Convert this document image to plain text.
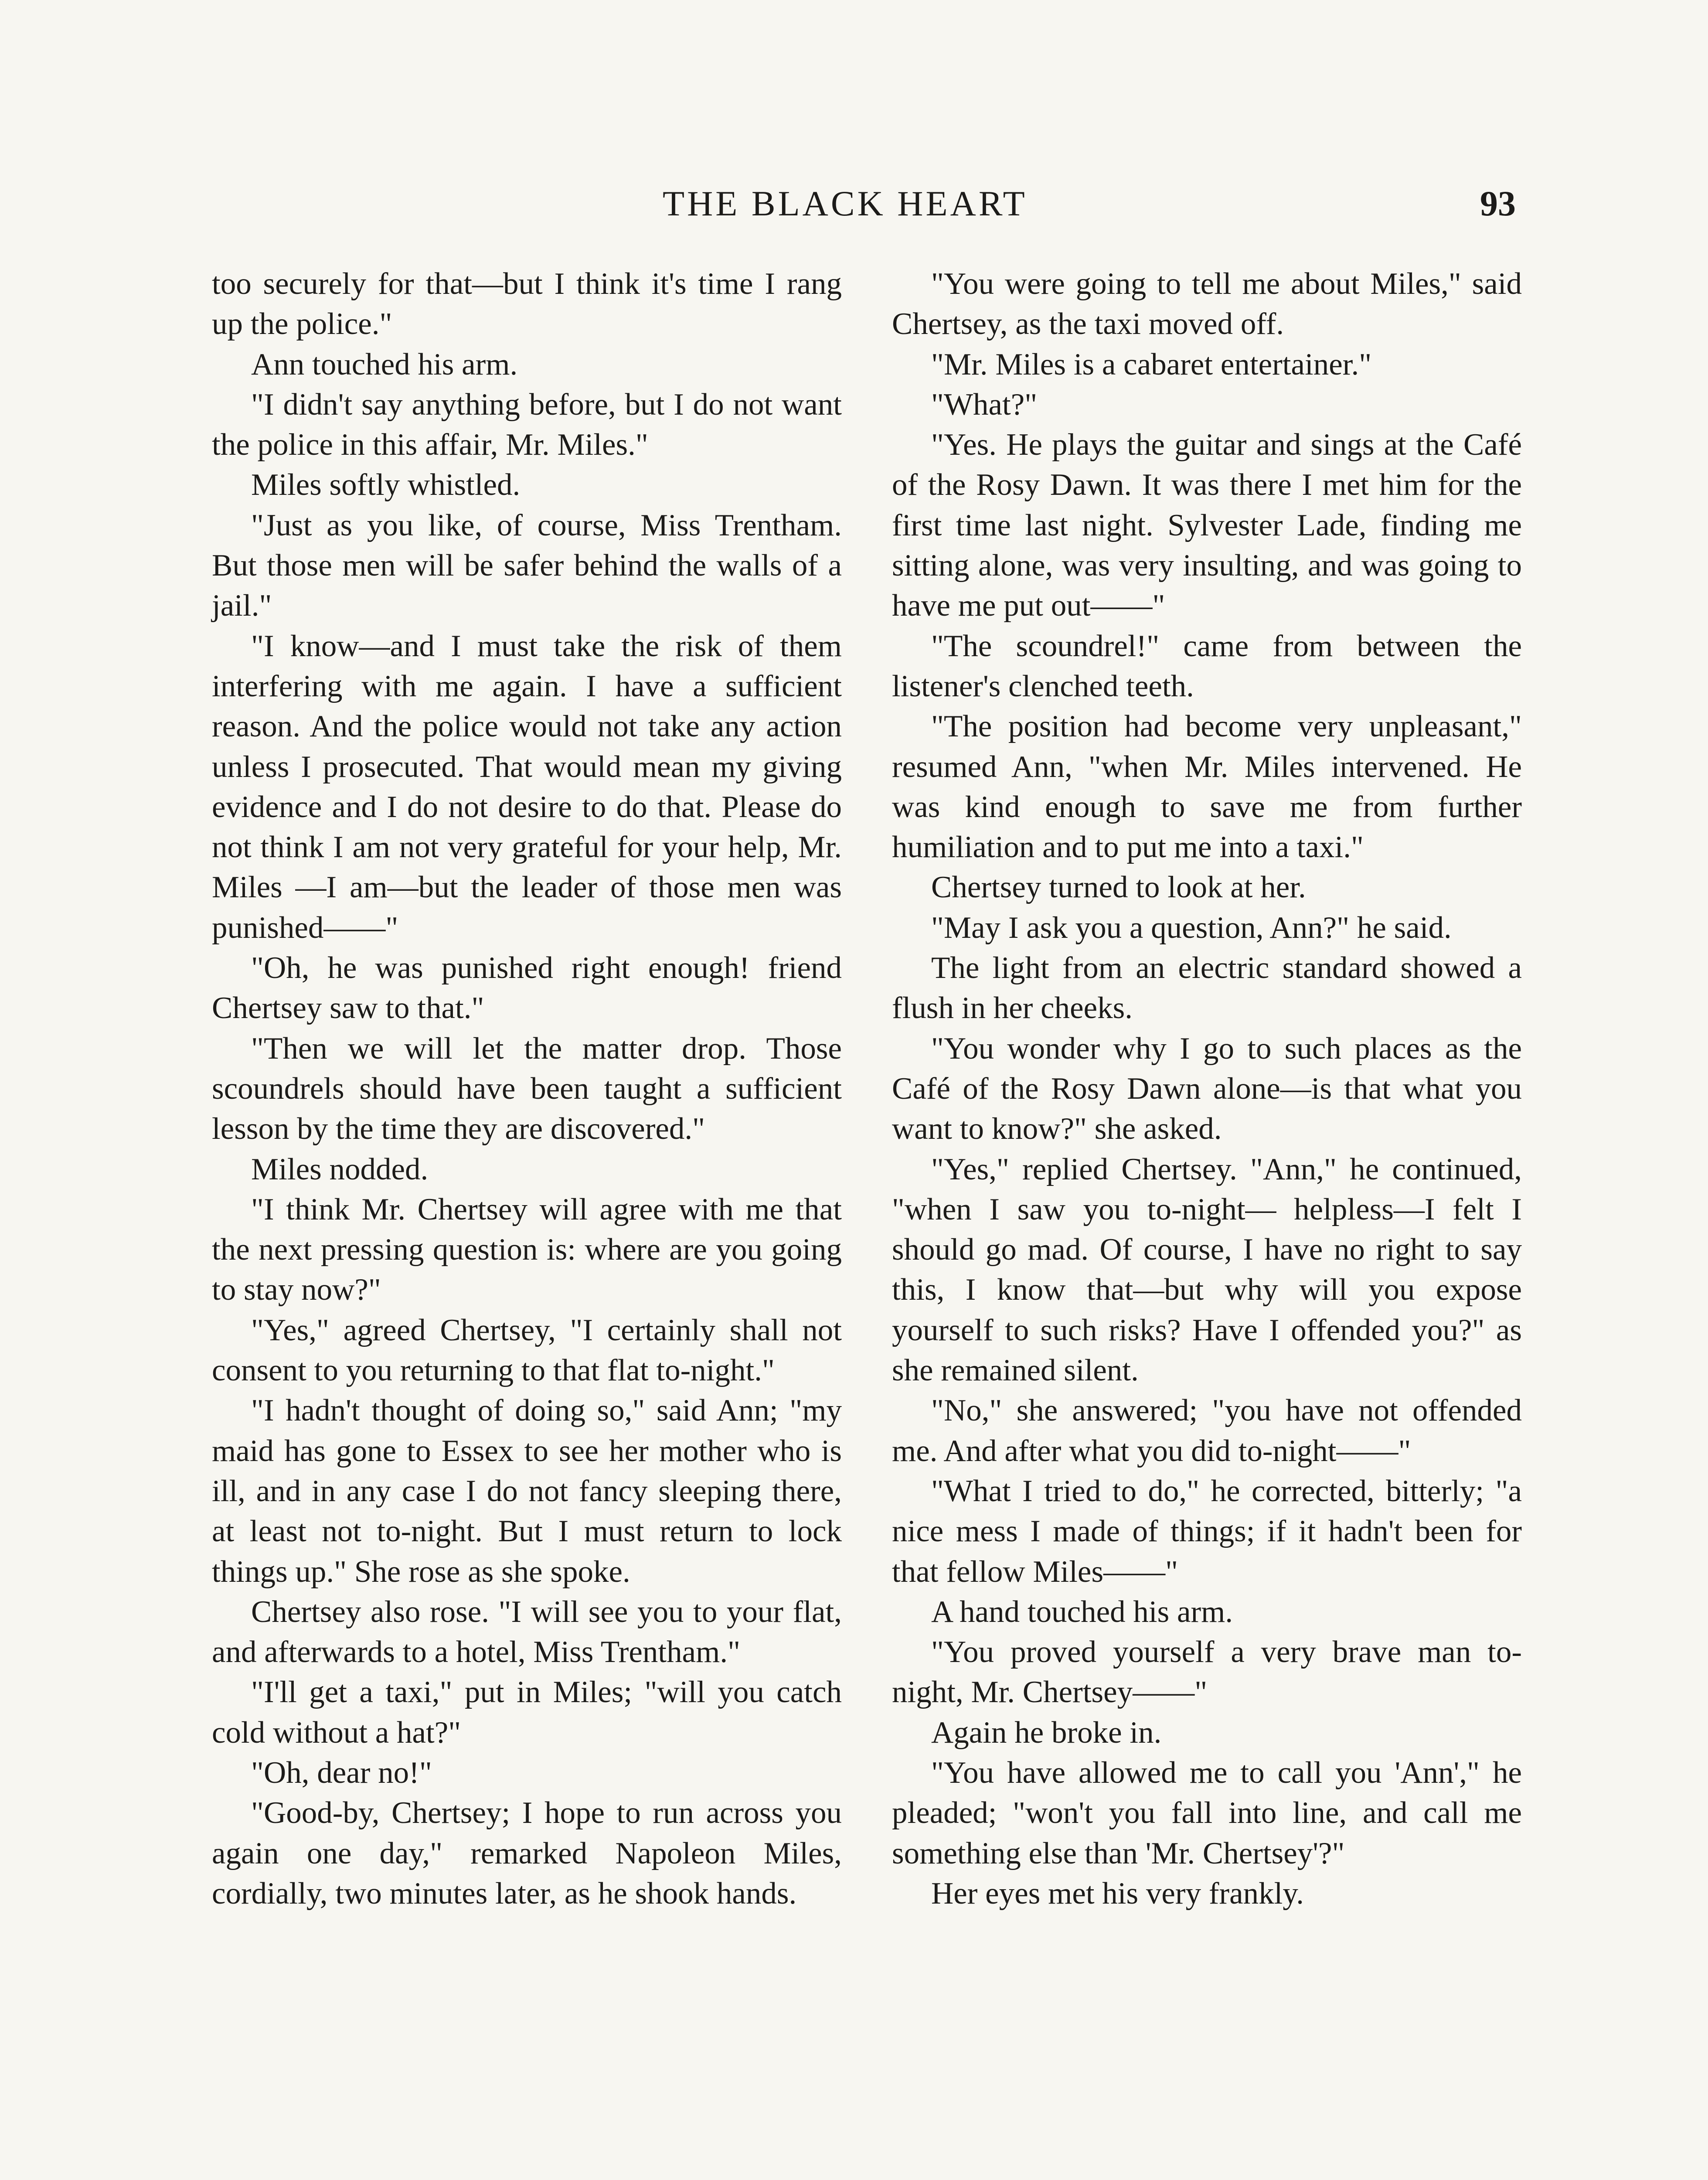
THE BLACK HEART	93

too securely for that—but I think it's time I rang up the police."

Ann touched his arm.

"I didn't say anything before, but I do not want the police in this affair, Mr. Miles."

Miles softly whistled.

"Just as you like, of course, Miss Trentham. But those men will be safer behind the walls of a jail."

"I know—and I must take the risk of them interfering with me again. I have a sufficient reason. And the police would not take any action unless I prosecuted. That would mean my giving evidence and I do not desire to do that. Please do not think I am not very grateful for your help, Mr. Miles —I am—but the leader of those men was punished——"

"Oh, he was punished right enough! friend Chertsey saw to that."

"Then we will let the matter drop. Those scoundrels should have been taught a sufficient lesson by the time they are discovered."

Miles nodded.

"I think Mr. Chertsey will agree with me that the next pressing question is: where are you going to stay now?"

"Yes," agreed Chertsey, "I certainly shall not consent to you returning to that flat to-night."

"I hadn't thought of doing so," said Ann; "my maid has gone to Essex to see her mother who is ill, and in any case I do not fancy sleeping there, at least not to-night. But I must return to lock things up." She rose as she spoke.

Chertsey also rose. "I will see you to your flat, and afterwards to a hotel, Miss Trentham."

"I'll get a taxi," put in Miles; "will you catch cold without a hat?"

"Oh, dear no!"

"Good-by, Chertsey; I hope to run across you again one day," remarked Napoleon Miles, cordially, two minutes later, as he shook hands.

"You were going to tell me about Miles," said Chertsey, as the taxi moved off.

"Mr. Miles is a cabaret entertainer."

"What?"

"Yes. He plays the guitar and sings at the Café of the Rosy Dawn. It was there I met him for the first time last night. Sylvester Lade, finding me sitting alone, was very insulting, and was going to have me put out——"

"The scoundrel!" came from between the listener's clenched teeth.

"The position had become very unpleasant," resumed Ann, "when Mr. Miles intervened. He was kind enough to save me from further humiliation and to put me into a taxi."

Chertsey turned to look at her.

"May I ask you a question, Ann?" he said.

The light from an electric standard showed a flush in her cheeks.

"You wonder why I go to such places as the Café of the Rosy Dawn alone—is that what you want to know?" she asked.

"Yes," replied Chertsey. "Ann," he continued, "when I saw you to-night— helpless—I felt I should go mad. Of course, I have no right to say this, I know that—but why will you expose yourself to such risks? Have I offended you?" as she remained silent.

"No," she answered; "you have not offended me. And after what you did to-night——"

"What I tried to do," he corrected, bitterly; "a nice mess I made of things; if it hadn't been for that fellow Miles——"

A hand touched his arm.

"You proved yourself a very brave man to-night, Mr. Chertsey——"

Again he broke in.

"You have allowed me to call you 'Ann'," he pleaded; "won't you fall into line, and call me something else than 'Mr. Chertsey'?"

Her eyes met his very frankly.
